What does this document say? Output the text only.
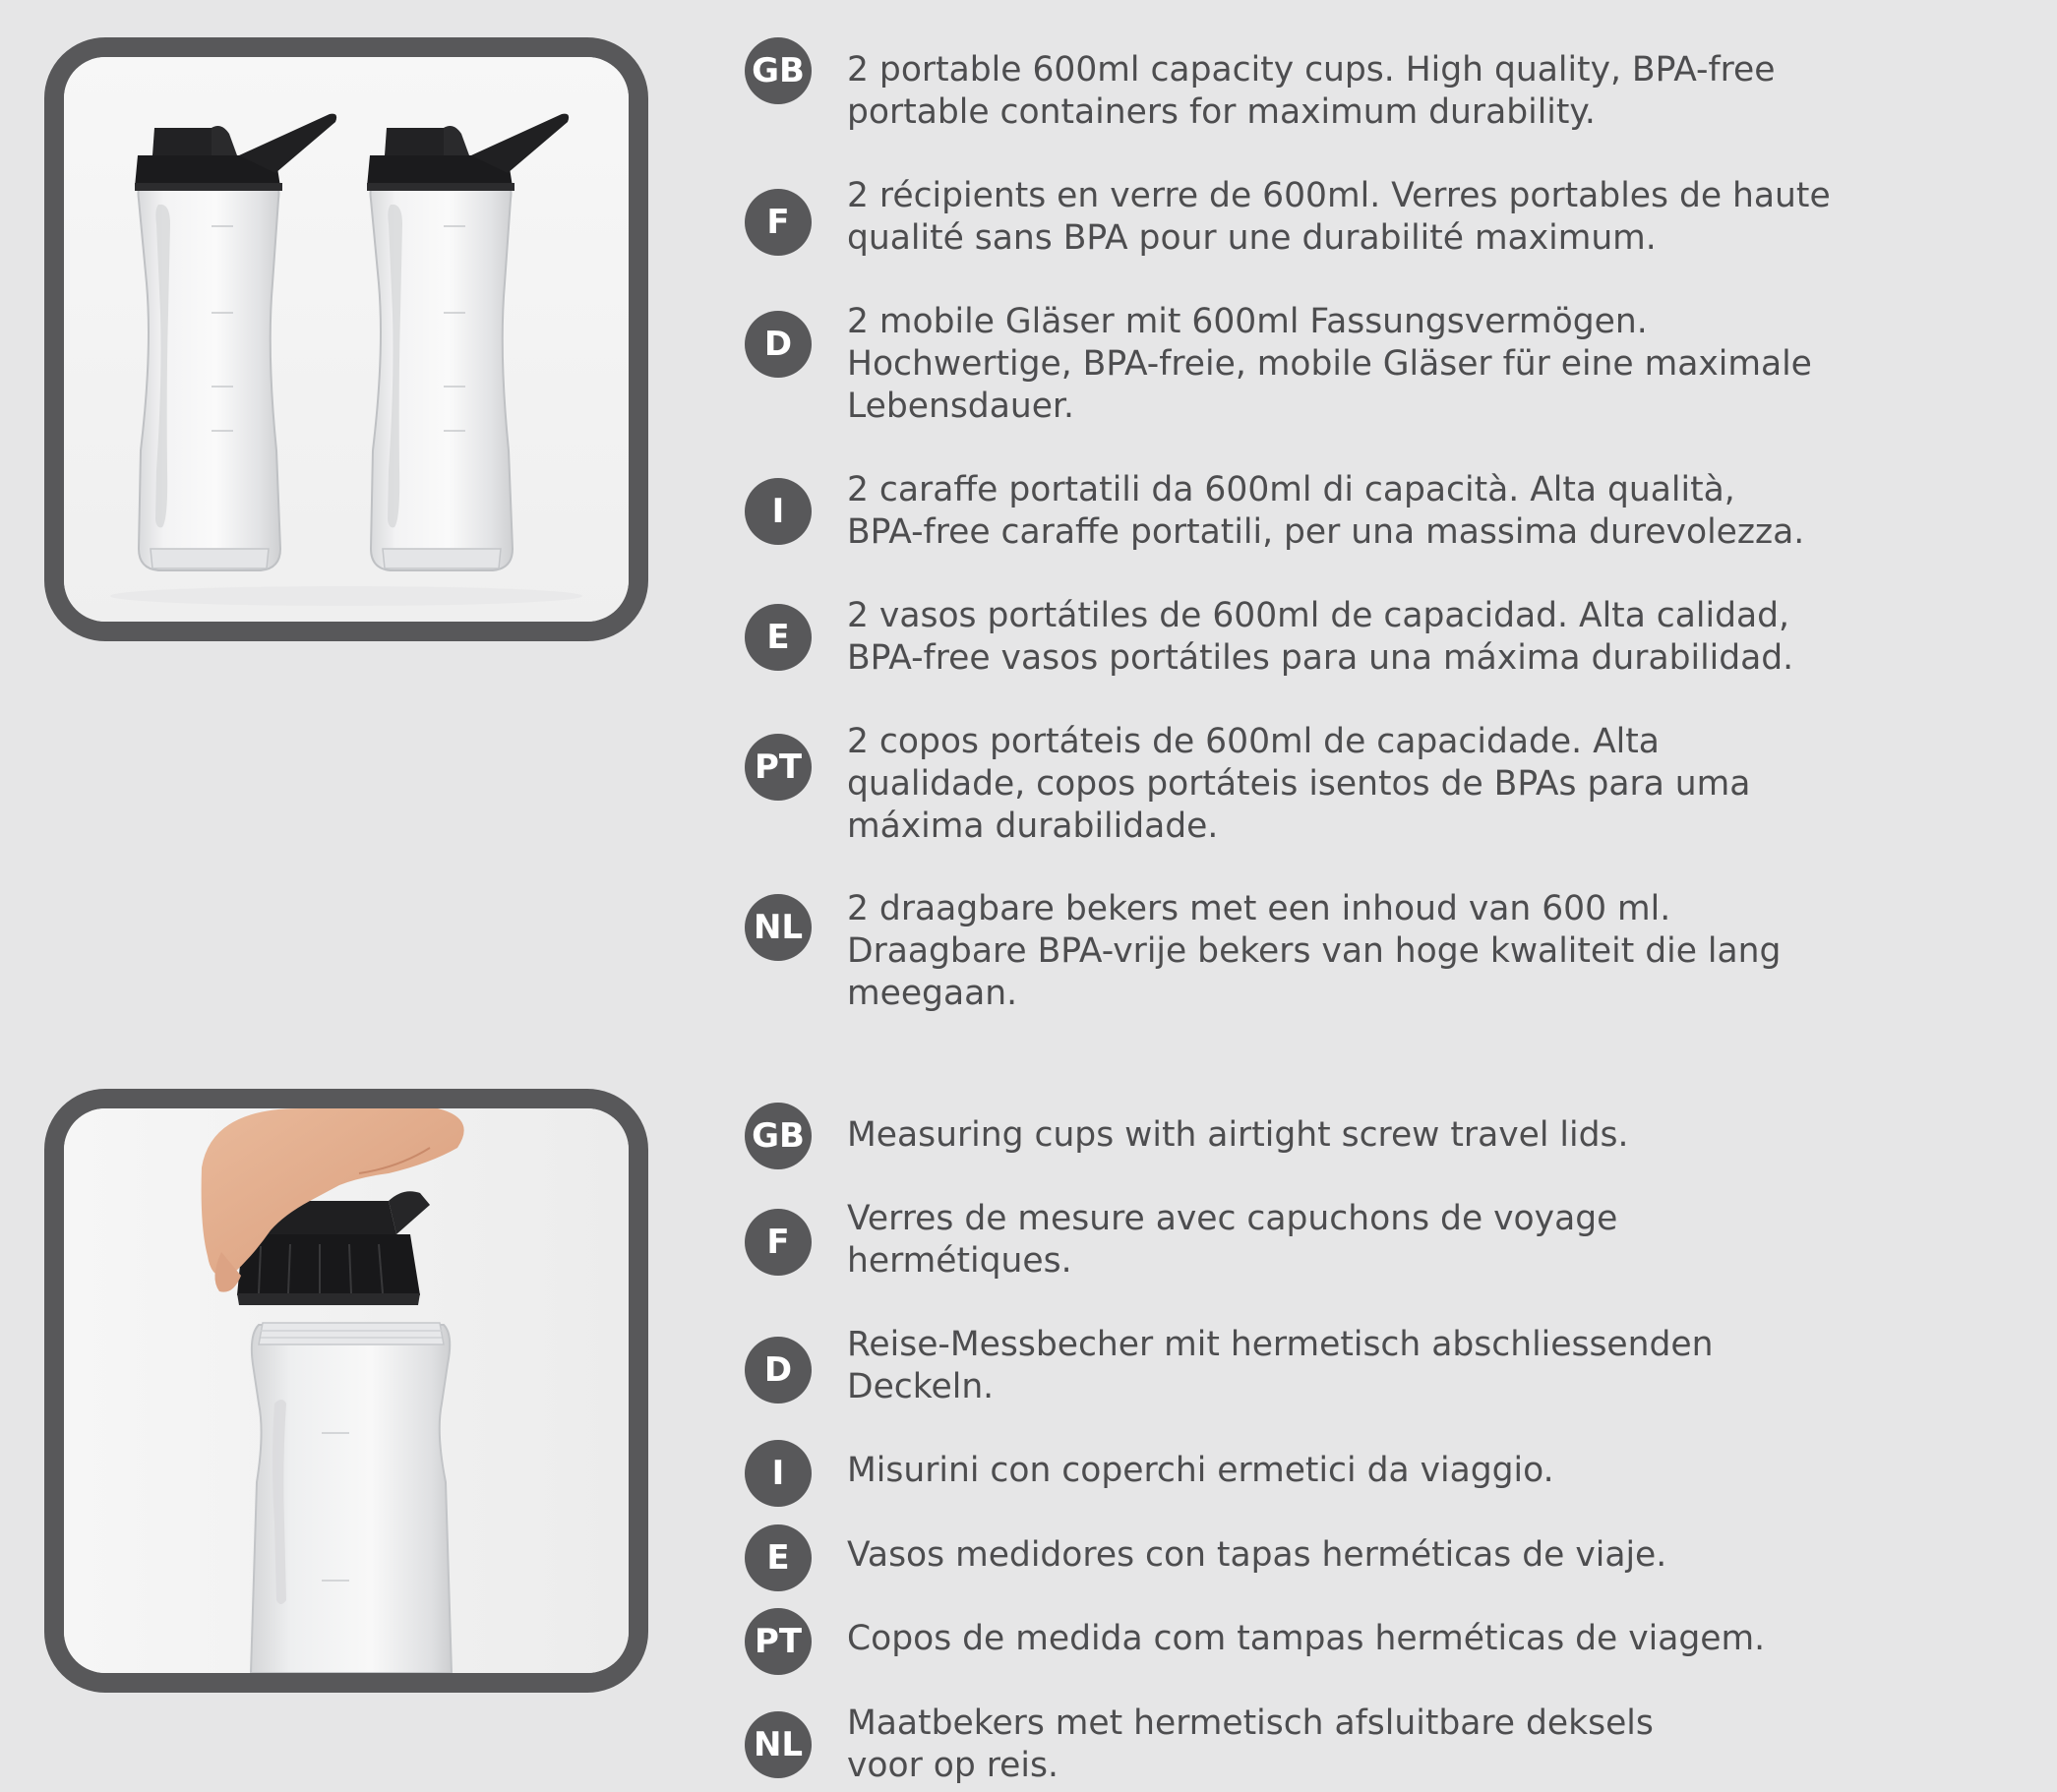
GB 2 portable 600ml capacity cups. High quality, BPA-free
portable containers for maximum durability.
F
2 récipients en verre de 600ml. Verres portables de haute
qualité sans BPA pour une durabilité maximum.
D
2 mobile Gläser mit 600ml Fassungsvermögen.
Hochwertige, BPA-freie, mobile Gläser für eine maximale
Lebensdauer.
I
2 caraffe portatili da 600ml di capacità. Alta qualità,
BPA-free caraffe portatili, per una massima durevolezza.
E
2 vasos portátiles de 600ml de capacidad. Alta calidad,
BPA-free vasos portátiles para una máxima durabilidad.
PT
2 copos portáteis de 600ml de capacidade. Alta
qualidade, copos portáteis isentos de BPAs para uma
máxima durabilidade.
NL 2 draagbare bekers met een inhoud van 600 ml.
Draagbare BPA-vrije bekers van hoge kwaliteit die lang
meegaan.
GB Measuring cups with airtight screw travel lids.
F
Verres de mesure avec capuchons de voyage
hermétiques.
D
Reise-Messbecher mit hermetisch abschliessenden
Deckeln.
I	Misurini con coperchi ermetici da viaggio.
E	Vasos medidores con tapas herméticas de viaje.
PT Copos de medida com tampas herméticas de viagem.
NL
Maatbekers met hermetisch afsluitbare deksels
voor op reis.
